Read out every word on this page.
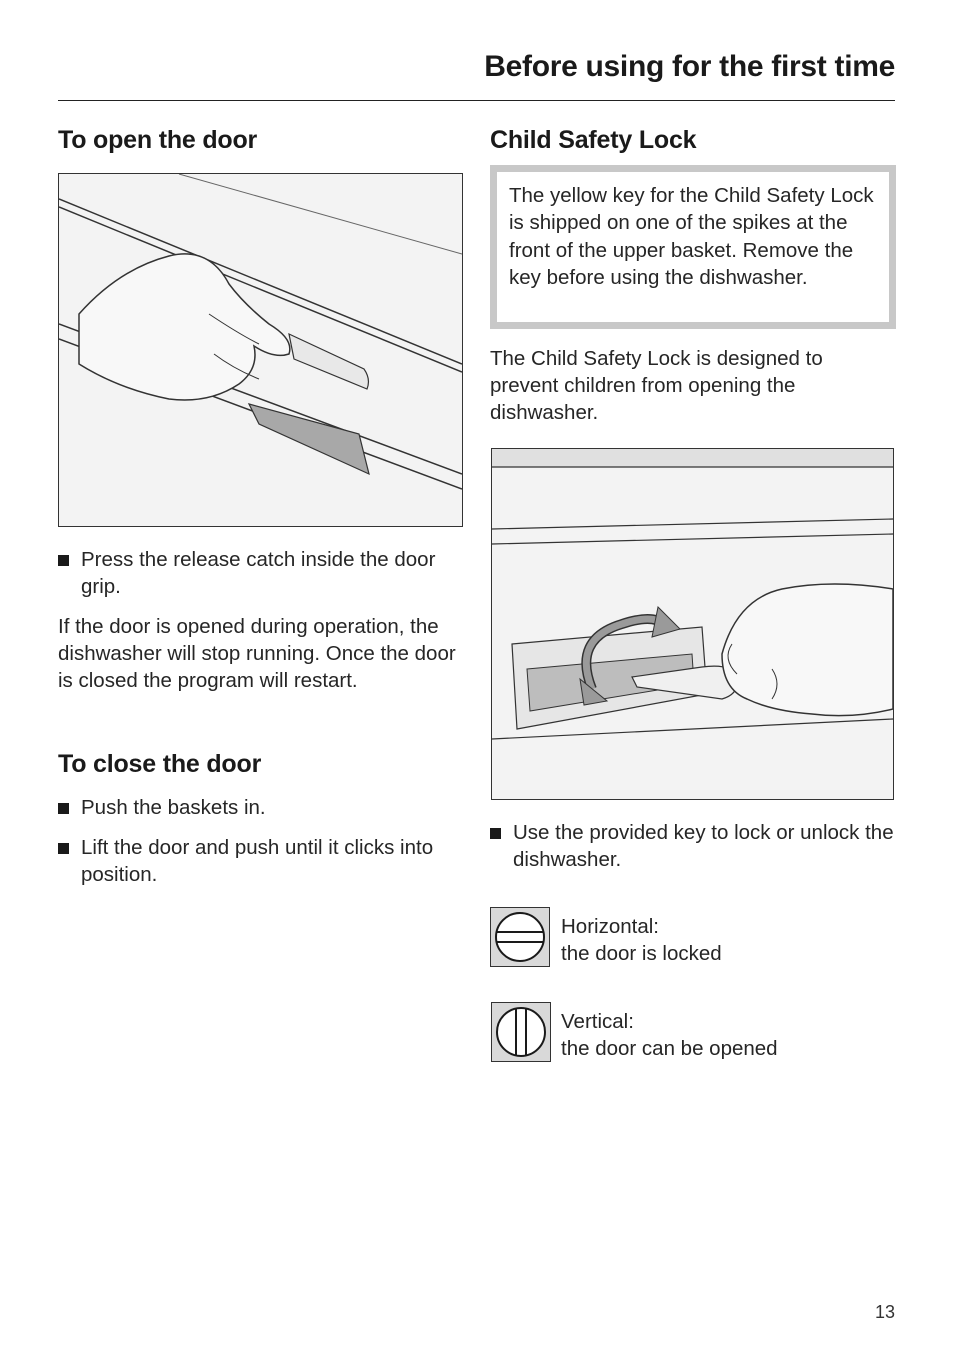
Before using for the first time
To open the door
Press the release catch inside the door grip.

If the door is opened during operation, the dishwasher will stop running. Once the door is closed the program will restart.

To close the door
Push the baskets in.
Lift the door and push until it clicks into position.
Child Safety Lock

The yellow key for the Child Safety Lock is shipped on one of the spikes at the front of the upper basket. Remove the key before using the dishwasher.

The Child Safety Lock is designed to prevent children from opening the dishwasher.

Use the provided key to lock or unlock the dishwasher.

Horizontal:

the door is locked

Vertical:

the door can be opened

13
